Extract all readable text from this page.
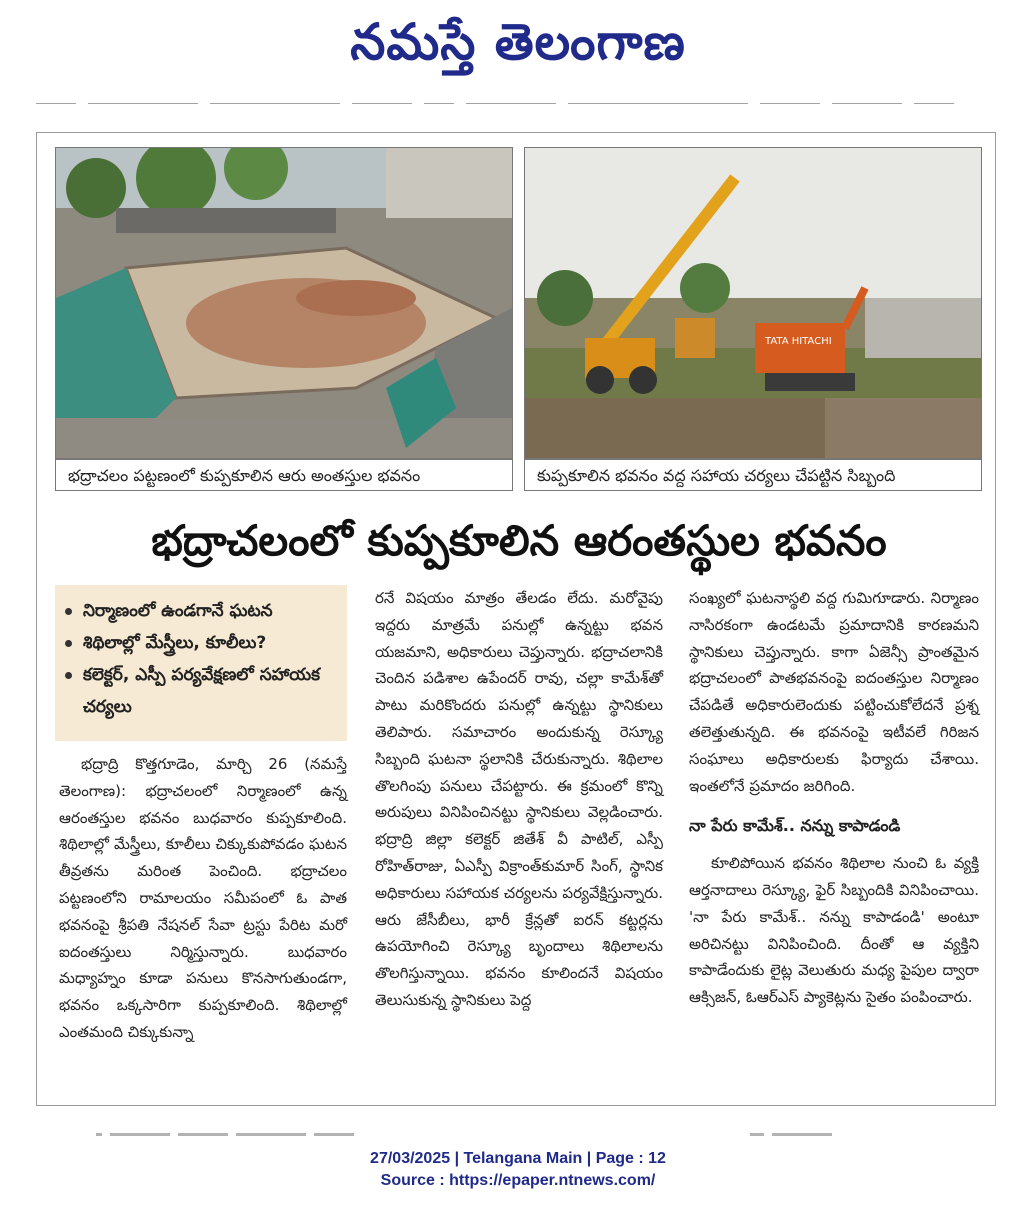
నమస్తే తెలంగాణ
TATA HITACHI
భద్రాచలం పట్టణంలో కుప్పకూలిన ఆరు అంతస్తుల భవనం	కుప్పకూలిన భవనం వద్ద సహాయ చర్యలు చేపట్టిన సిబ్బంది
భద్రాచలంలో కుప్పకూలిన ఆరంతస్థుల భవనం
నిర్మాణంలో ఉండగానే ఘటన
శిథిలాల్లో మేస్త్రీలు, కూలీలు?
కలెక్టర్, ఎస్పీ పర్యవేక్షణలో సహాయక చర్యలు

భద్రాద్రి కొత్తగూడెం, మార్చి 26 (నమస్తే తెలంగాణ): భద్రాచలంలో నిర్మాణంలో ఉన్న ఆరంతస్తుల భవనం బుధవారం కుప్పకూలింది. శిథిలాల్లో మేస్త్రీలు, కూలీలు చిక్కుకుపోవడం ఘటన తీవ్రతను మరింత పెంచింది. భద్రాచలం పట్టణంలోని రామాలయం సమీపంలో ఓ పాత భవనంపై శ్రీపతి నేషనల్ సేవా ట్రస్టు పేరిట మరో ఐదంతస్తులు నిర్మిస్తున్నారు. బుధవారం మధ్యాహ్నం కూడా పనులు కొనసాగుతుండగా, భవనం ఒక్కసారిగా కుప్పకూలింది. శిథిలాల్లో ఎంతమంది చిక్కుకున్నా

రనే విషయం మాత్రం తేలడం లేదు. మరోవైపు ఇద్దరు మాత్రమే పనుల్లో ఉన్నట్టు భవన యజమాని, అధికారులు చెప్తున్నారు. భద్రాచలానికి చెందిన పడిశాల ఉపేందర్ రావు, చల్లా కామేశ్‌తో పాటు మరికొందరు పనుల్లో ఉన్నట్టు స్థానికులు తెలిపారు. సమాచారం అందుకున్న రెస్క్యూ సిబ్బంది ఘటనా స్థలానికి చేరుకున్నారు. శిథిలాల తొలగింపు పనులు చేపట్టారు. ఈ క్రమంలో కొన్ని అరుపులు వినిపించినట్టు స్థానికులు వెల్లడించారు. భద్రాద్రి జిల్లా కలెక్టర్ జితేశ్ వీ పాటిల్, ఎస్పీ రోహిత్‌రాజు, ఏఎస్పీ విక్రాంత్‌కుమార్ సింగ్, స్థానిక అధికారులు సహాయక చర్యలను పర్యవేక్షిస్తున్నారు. ఆరు జేసీబీలు, భారీ క్రేన్లతో ఐరన్ కట్టర్లను ఉపయోగించి రెస్క్యూ బృందాలు శిథిలాలను తొలగిస్తున్నాయి. భవనం కూలిందనే విషయం తెలుసుకున్న స్థానికులు పెద్ద

సంఖ్యలో ఘటనాస్థలి వద్ద గుమిగూడారు. నిర్మాణం నాసిరకంగా ఉండటమే ప్రమాదానికి కారణమని స్థానికులు చెప్తున్నారు. కాగా ఏజెన్సీ ప్రాంతమైన భద్రాచలంలో పాతభవనంపై ఐదంతస్తుల నిర్మాణం చేపడితే అధికారులెందుకు పట్టించుకోలేదనే ప్రశ్న తలెత్తుతున్నది. ఈ భవనంపై ఇటీవలే గిరిజన సంఘాలు అధికారులకు ఫిర్యాదు చేశాయి. ఇంతలోనే ప్రమాదం జరిగింది.

నా పేరు కామేశ్.. నన్ను కాపాడండి

కూలిపోయిన భవనం శిథిలాల నుంచి ఓ వ్యక్తి ఆర్తనాదాలు రెస్క్యూ, ఫైర్ సిబ్బందికి వినిపించాయి. 'నా పేరు కామేశ్.. నన్ను కాపాడండి' అంటూ అరిచినట్టు వినిపించింది. దీంతో ఆ వ్యక్తిని కాపాడేందుకు లైట్ల వెలుతురు మధ్య పైపుల ద్వారా ఆక్సిజన్, ఓఆర్ఎస్ ప్యాకెట్లను సైతం పంపించారు.

27/03/2025 | Telangana Main | Page : 12
Source : https://epaper.ntnews.com/
